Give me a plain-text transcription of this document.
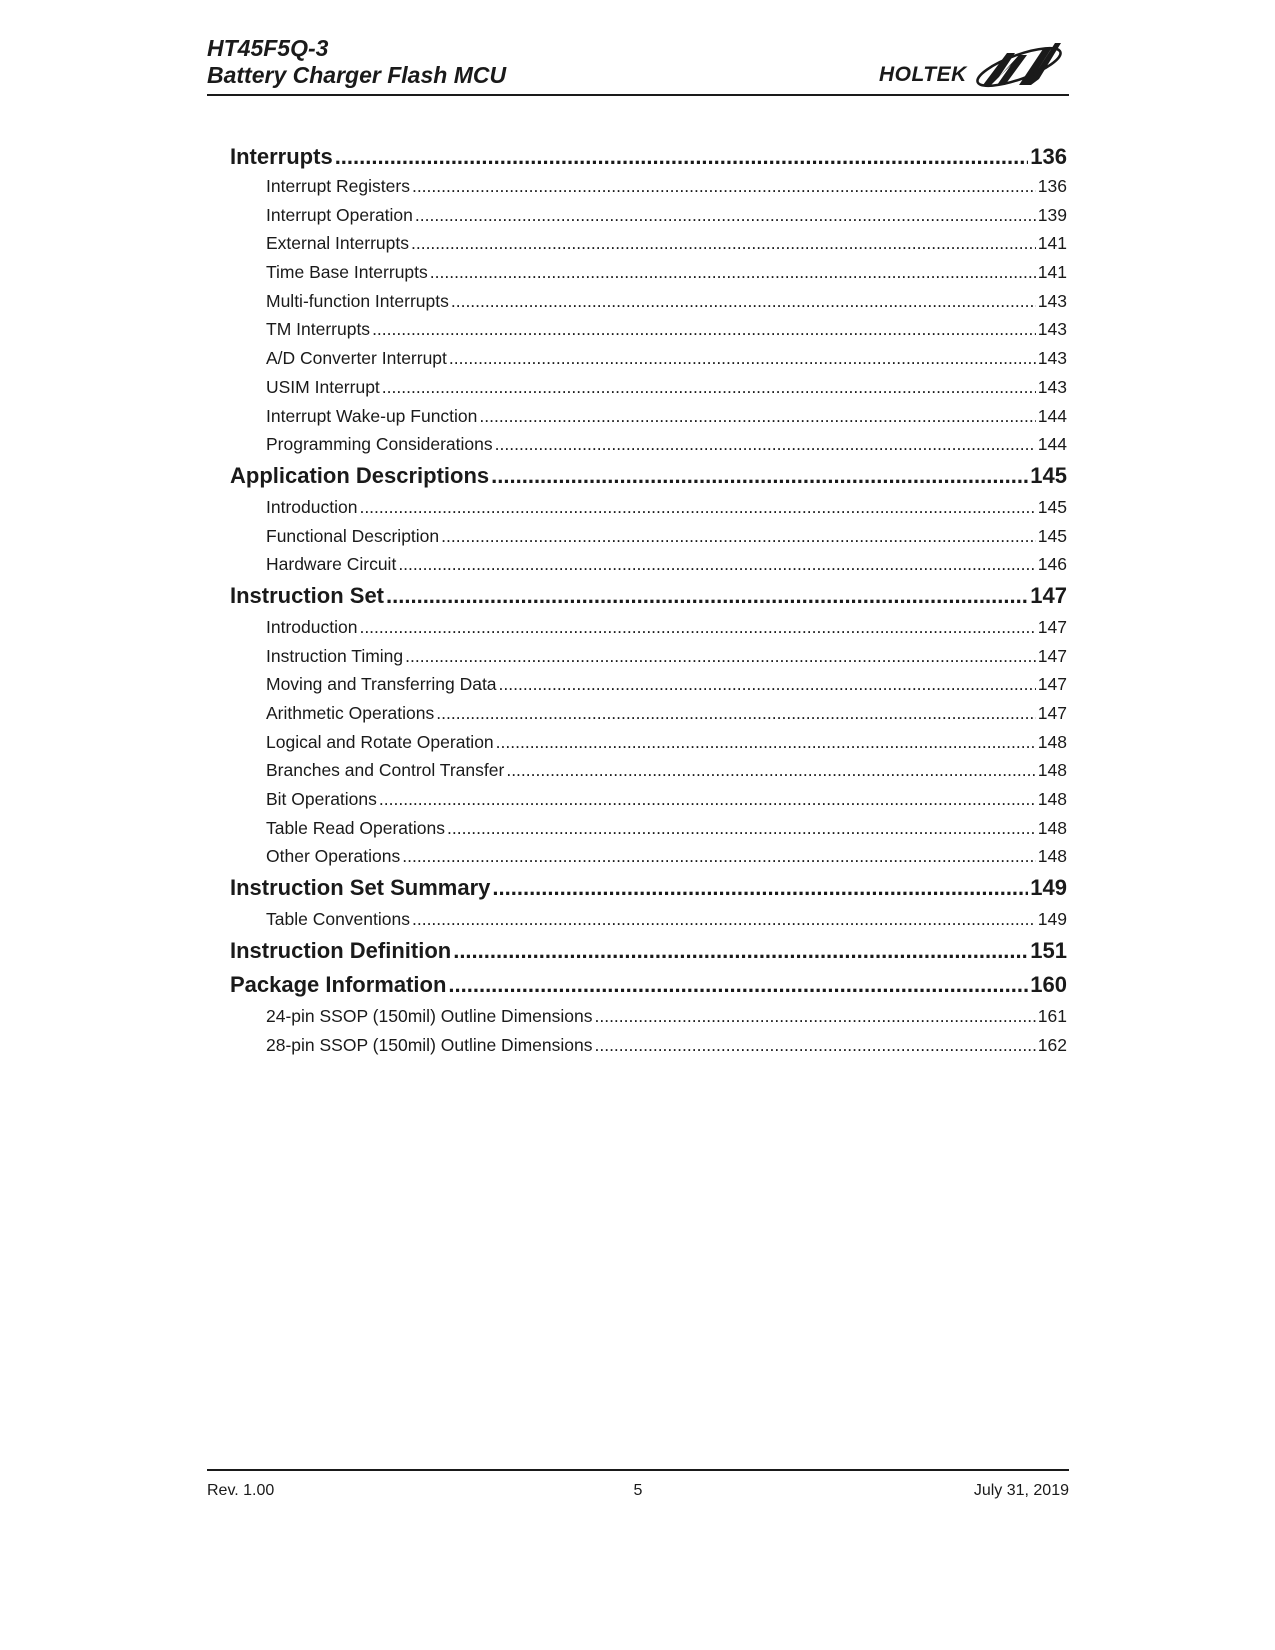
HT45F5Q-3
Battery Charger Flash MCU	HOLTEK
Interrupts .....	136
Interrupt Registers .....	136
Interrupt Operation .....	139
External Interrupts .....	141
Time Base Interrupts .....	141
Multi-function Interrupts .....	143
TM Interrupts .....	143
A/D Converter Interrupt .....	143
USIM Interrupt .....	143
Interrupt Wake-up Function .....	144
Programming Considerations .....	144
Application Descriptions .....	145
Introduction .....	145
Functional Description .....	145
Hardware Circuit .....	146
Instruction Set .....	147
Introduction .....	147
Instruction Timing .....	147
Moving and Transferring Data .....	147
Arithmetic Operations .....	147
Logical and Rotate Operation .....	148
Branches and Control Transfer .....	148
Bit Operations .....	148
Table Read Operations .....	148
Other Operations .....	148
Instruction Set Summary .....	149
Table Conventions .....	149
Instruction Definition .....	151
Package Information .....	160
24-pin SSOP (150mil) Outline Dimensions .....	161
28-pin SSOP (150mil) Outline Dimensions .....	162
Rev. 1.00	5	July 31, 2019
